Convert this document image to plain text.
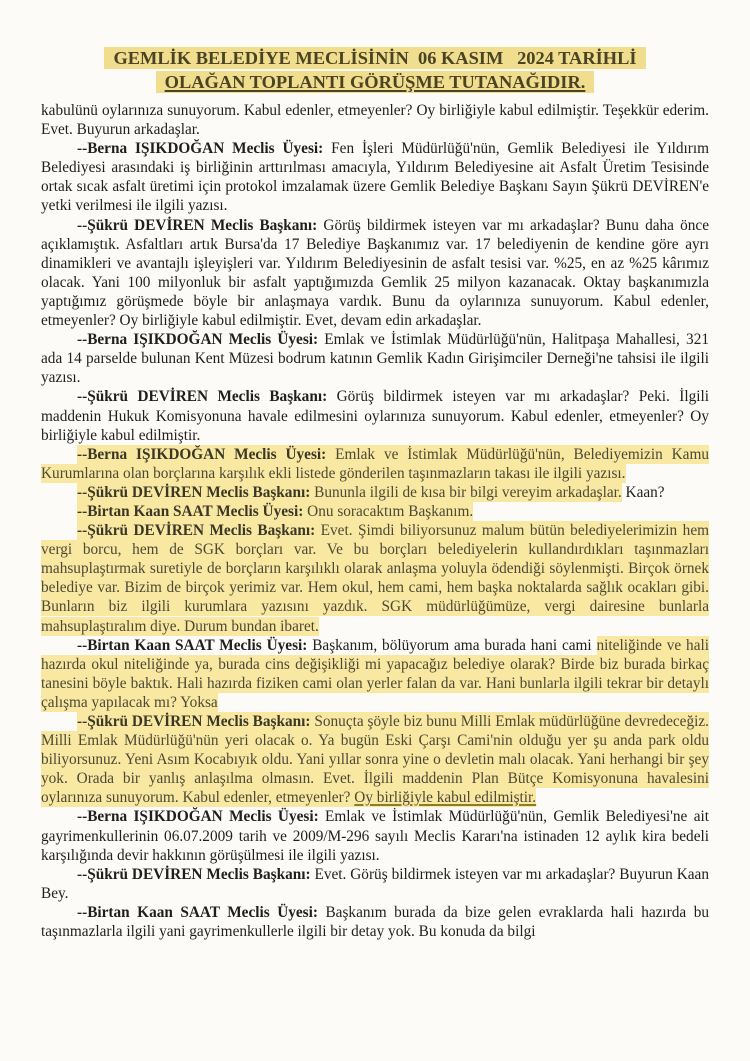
GEMLİK BELEDİYE MECLİSİNİN  06 KASIM   2024 TARİHLİ
OLAĞAN TOPLANTI GÖRÜŞME TUTANAĞIDIR.

kabulünü oylarınıza sunuyorum. Kabul edenler, etmeyenler? Oy birliğiyle kabul edilmiştir. Teşekkür ederim. Evet. Buyurun arkadaşlar.

--Berna IŞIKDOĞAN Meclis Üyesi: Fen İşleri Müdürlüğü'nün, Gemlik Belediyesi ile Yıldırım Belediyesi arasındaki iş birliğinin arttırılması amacıyla, Yıldırım Belediyesine ait Asfalt Üretim Tesisinde ortak sıcak asfalt üretimi için protokol imzalamak üzere Gemlik Belediye Başkanı Sayın Şükrü DEVİREN'e yetki verilmesi ile ilgili yazısı.

--Şükrü DEVİREN Meclis Başkanı: Görüş bildirmek isteyen var mı arkadaşlar? Bunu daha önce açıklamıştık. Asfaltları artık Bursa'da 17 Belediye Başkanımız var. 17 belediyenin de kendine göre ayrı dinamikleri ve avantajlı işleyişleri var. Yıldırım Belediyesinin de asfalt tesisi var. %25, en az %25 kârımız olacak. Yani 100 milyonluk bir asfalt yaptığımızda Gemlik 25 milyon kazanacak. Oktay başkanımızla yaptığımız görüşmede böyle bir anlaşmaya vardık. Bunu da oylarınıza sunuyorum. Kabul edenler, etmeyenler? Oy birliğiyle kabul edilmiştir. Evet, devam edin arkadaşlar.

--Berna IŞIKDOĞAN Meclis Üyesi: Emlak ve İstimlak Müdürlüğü'nün, Halitpaşa Mahallesi, 321 ada 14 parselde bulunan Kent Müzesi bodrum katının Gemlik Kadın Girişimciler Derneği'ne tahsisi ile ilgili yazısı.

--Şükrü DEVİREN Meclis Başkanı: Görüş bildirmek isteyen var mı arkadaşlar? Peki. İlgili maddenin Hukuk Komisyonuna havale edilmesini oylarınıza sunuyorum. Kabul edenler, etmeyenler? Oy birliğiyle kabul edilmiştir.

--Berna IŞIKDOĞAN Meclis Üyesi: Emlak ve İstimlak Müdürlüğü'nün, Belediyemizin Kamu Kurumlarına olan borçlarına karşılık ekli listede gönderilen taşınmazların takası ile ilgili yazısı.

--Şükrü DEVİREN Meclis Başkanı: Bununla ilgili de kısa bir bilgi vereyim arkadaşlar. Kaan?

--Birtan Kaan SAAT Meclis Üyesi: Onu soracaktım Başkanım.

--Şükrü DEVİREN Meclis Başkanı: Evet. Şimdi biliyorsunuz malum bütün belediyelerimizin hem vergi borcu, hem de SGK borçları var. Ve bu borçları belediyelerin kullandırdıkları taşınmazları mahsuplaştırmak suretiyle de borçların karşılıklı olarak anlaşma yoluyla ödendiği söylenmişti. Birçok örnek belediye var. Bizim de birçok yerimiz var. Hem okul, hem cami, hem başka noktalarda sağlık ocakları gibi. Bunların biz ilgili kurumlara yazısını yazdık. SGK müdürlüğümüze, vergi dairesine bunlarla mahsuplaştıralım diye. Durum bundan ibaret.

--Birtan Kaan SAAT Meclis Üyesi: Başkanım, bölüyorum ama burada hani cami niteliğinde ve hali hazırda okul niteliğinde ya, burada cins değişikliği mi yapacağız belediye olarak? Birde biz burada birkaç tanesini böyle baktık. Hali hazırda fiziken cami olan yerler falan da var. Hani bunlarla ilgili tekrar bir detaylı çalışma yapılacak mı? Yoksa

--Şükrü DEVİREN Meclis Başkanı: Sonuçta şöyle biz bunu Milli Emlak müdürlüğüne devredeceğiz. Milli Emlak Müdürlüğü'nün yeri olacak o. Ya bugün Eski Çarşı Cami'nin olduğu yer şu anda park oldu biliyorsunuz. Yeni Asım Kocabıyık oldu. Yani yıllar sonra yine o devletin malı olacak. Yani herhangi bir şey yok. Orada bir yanlış anlaşılma olmasın. Evet. İlgili maddenin Plan Bütçe Komisyonuna havalesini oylarınıza sunuyorum. Kabul edenler, etmeyenler? Oy birliğiyle kabul edilmiştir.

--Berna IŞIKDOĞAN Meclis Üyesi: Emlak ve İstimlak Müdürlüğü'nün, Gemlik Belediyesi'ne ait gayrimenkullerinin 06.07.2009 tarih ve 2009/M-296 sayılı Meclis Kararı'na istinaden 12 aylık kira bedeli karşılığında devir hakkının görüşülmesi ile ilgili yazısı.

--Şükrü DEVİREN Meclis Başkanı: Evet. Görüş bildirmek isteyen var mı arkadaşlar? Buyurun Kaan Bey.

--Birtan Kaan SAAT Meclis Üyesi: Başkanım burada da bize gelen evraklarda hali hazırda bu taşınmazlarla ilgili yani gayrimenkullerle ilgili bir detay yok. Bu konuda da bilgi
